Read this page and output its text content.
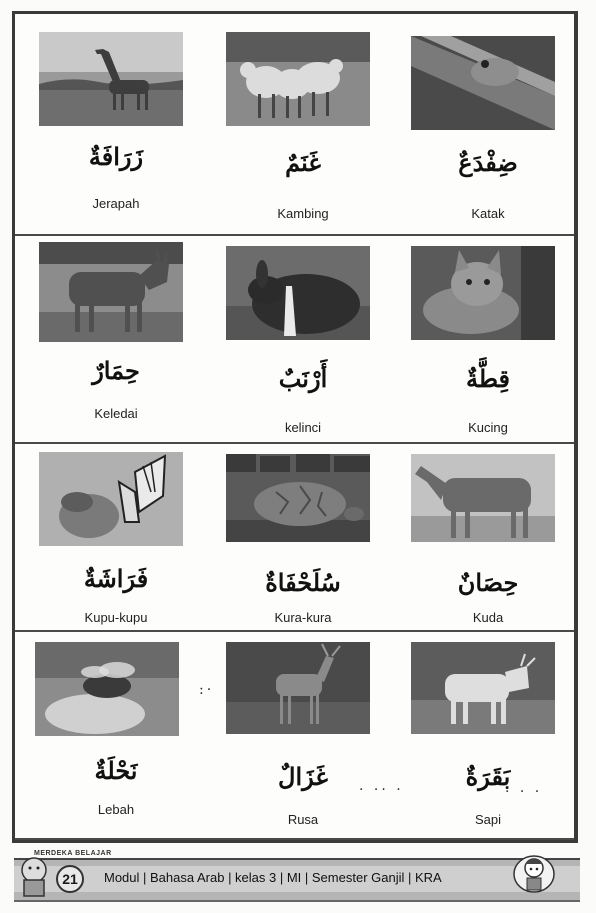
زَرَافَةٌ
Jerapah
غَنَمٌ
Kambing
ضِفْدَعٌ
Katak
حِمَارٌ
Keledai
أَرْنَبٌ
kelinci
قِطَّةٌ
Kucing
فَرَاشَةٌ
Kupu-kupu
سُلَحْفَاةٌ
Kura-kura
حِصَانٌ
Kuda
نَحْلَةٌ
Lebah
غَزَالٌ
Rusa
بَقَرَةٌ
Sapi
:·
· ·· ·	· · ·
MERDEKA BELAJAR
21	Modul | Bahasa Arab | kelas 3 | MI | Semester Ganjil | KRA
